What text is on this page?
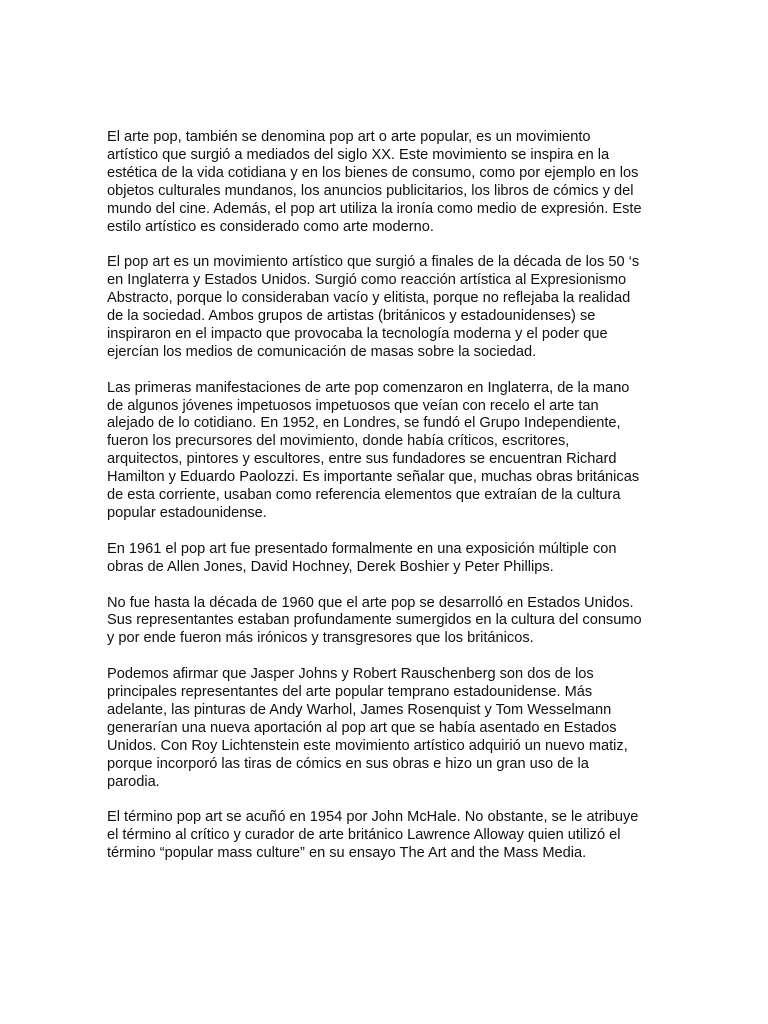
El arte pop, también se denomina pop art o arte popular, es un movimiento
artístico que surgió a mediados del siglo XX. Este movimiento se inspira en la
estética de la vida cotidiana y en los bienes de consumo, como por ejemplo en los
objetos culturales mundanos, los anuncios publicitarios, los libros de cómics y del
mundo del cine. Además, el pop art utiliza la ironía como medio de expresión. Este
estilo artístico es considerado como arte moderno.

El pop art es un movimiento artístico que surgió a finales de la década de los 50 ‘s
en Inglaterra y Estados Unidos. Surgió como reacción artística al Expresionismo
Abstracto, porque lo consideraban vacío y elitista, porque no reflejaba la realidad
de la sociedad. Ambos grupos de artistas (británicos y estadounidenses) se
inspiraron en el impacto que provocaba la tecnología moderna y el poder que
ejercían los medios de comunicación de masas sobre la sociedad.

Las primeras manifestaciones de arte pop comenzaron en Inglaterra, de la mano
de algunos jóvenes impetuosos impetuosos que veían con recelo el arte tan
alejado de lo cotidiano. En 1952, en Londres, se fundó el Grupo Independiente,
fueron los precursores del movimiento, donde había críticos, escritores,
arquitectos, pintores y escultores, entre sus fundadores se encuentran Richard
Hamilton y Eduardo Paolozzi. Es importante señalar que, muchas obras británicas
de esta corriente, usaban como referencia elementos que extraían de la cultura
popular estadounidense.

En 1961 el pop art fue presentado formalmente en una exposición múltiple con
obras de Allen Jones, David Hochney, Derek Boshier y Peter Phillips.

No fue hasta la década de 1960 que el arte pop se desarrolló en Estados Unidos.
Sus representantes estaban profundamente sumergidos en la cultura del consumo
y por ende fueron más irónicos y transgresores que los británicos.

Podemos afirmar que Jasper Johns y Robert Rauschenberg son dos de los
principales representantes del arte popular temprano estadounidense. Más
adelante, las pinturas de Andy Warhol, James Rosenquist y Tom Wesselmann
generarían una nueva aportación al pop art que se había asentado en Estados
Unidos. Con Roy Lichtenstein este movimiento artístico adquirió un nuevo matiz,
porque incorporó las tiras de cómics en sus obras e hizo un gran uso de la
parodia.

El término pop art se acuñó en 1954 por John McHale. No obstante, se le atribuye
el término al crítico y curador de arte británico Lawrence Alloway quien utilizó el
término “popular mass culture” en su ensayo The Art and the Mass Media.
